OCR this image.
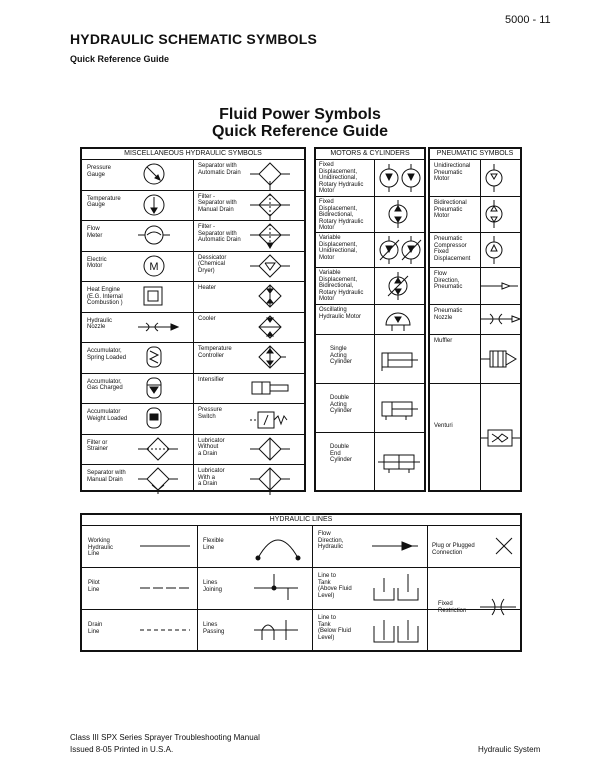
5000 - 11
HYDRAULIC SCHEMATIC SYMBOLS
Quick Reference Guide
Fluid Power Symbols
Quick Reference Guide
MISCELLANEOUS HYDRAULIC SYMBOLS
Pressure
Gauge
Separator with
Automatic Drain
Temperature
Gauge
Filter -
Separator with
Manual Drain
Flow
Meter
Filter -
Separator with
Automatic Drain
Electric
Motor	M
Dessicator
(Chemical
Dryer)
Heat Engine
(E.G. Internal
Combustion )
Heater
Hydraulic
Nozzle
Cooler
Accumulator,
Spring Loaded
Temperature
Controller
Accumulator,
Gas Charged
Intensifier
Accumulator
Weight Loaded
Pressure
Switch
Filter or
Strainer
Lubricator
Without
a Drain
Separator with
Manual Drain
Lubricator
With a
a Drain
MOTORS & CYLINDERS
Fixed
Displacement,
Unidirectional,
Rotary Hydraulic
Motor
Fixed
Displacement,
Bidirectional,
Rotary Hydraulic
Motor
Variable
Displacement,
Unidirectional,
Motor
Variable
Displacement,
Bidirectional,
Rotary Hydraulic
Motor
Oscillating
Hydraulic Motor
Single
Acting
Cylinder
Double
Acting
Cylinder
Double
End
Cylinder
PNEUMATIC SYMBOLS
Unidirectional
Pneumatic
Motor
Bidirectional
Pneumatic
Motor
Pneumatic
Compressor
Fixed
Displacement
Flow
Direction,
Pneumatic
Pneumatic
Nozzle
Muffler
Venturi
HYDRAULIC LINES
Working
Hydraulic
Line
Flexible
Line
Flow
Direction,
Hydraulic
Pilot
Line
Lines
Joining
Line to
Tank
(Above Fluid
Level)
Drain
Line
Lines
Passing
Line to
Tank
(Below Fluid
Level)
Plug or Plugged
Connection
Fixed
Restriction
Class III SPX Series Sprayer Troubleshooting Manual
Issued 8-05 Printed in U.S.A.	Hydraulic System
